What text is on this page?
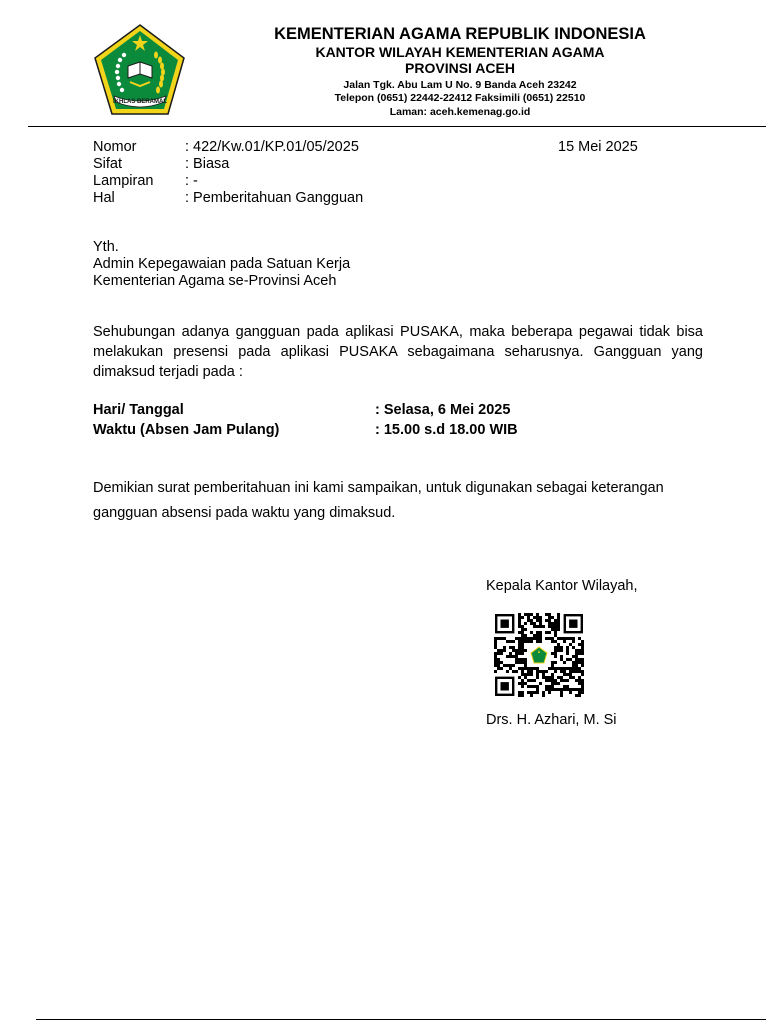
IKHLAS BERAMAL
KEMENTERIAN AGAMA REPUBLIK INDONESIA
KANTOR WILAYAH KEMENTERIAN AGAMA
PROVINSI ACEH
Jalan Tgk. Abu Lam U No. 9 Banda Aceh 23242
Telepon (0651) 22442-22412 Faksimili (0651) 22510
Laman: aceh.kemenag.go.id
Nomor	: 422/Kw.01/KP.01/05/2025
Sifat	: Biasa
Lampiran : -
Hal	: Pemberitahuan Gangguan
15 Mei 2025
Yth.
Admin Kepegawaian pada Satuan Kerja
Kementerian Agama se-Provinsi Aceh
Sehubungan adanya gangguan pada aplikasi PUSAKA, maka beberapa pegawai tidak bisa melakukan presensi pada aplikasi PUSAKA sebagaimana seharusnya. Gangguan yang dimaksud terjadi pada :
Hari/ Tanggal	: Selasa, 6 Mei 2025
Waktu (Absen Jam Pulang)	: 15.00 s.d 18.00 WIB
Demikian surat pemberitahuan ini kami sampaikan, untuk digunakan sebagai keterangan gangguan absensi pada waktu yang dimaksud.
Kepala Kantor Wilayah,
Drs. H. Azhari, M. Si
